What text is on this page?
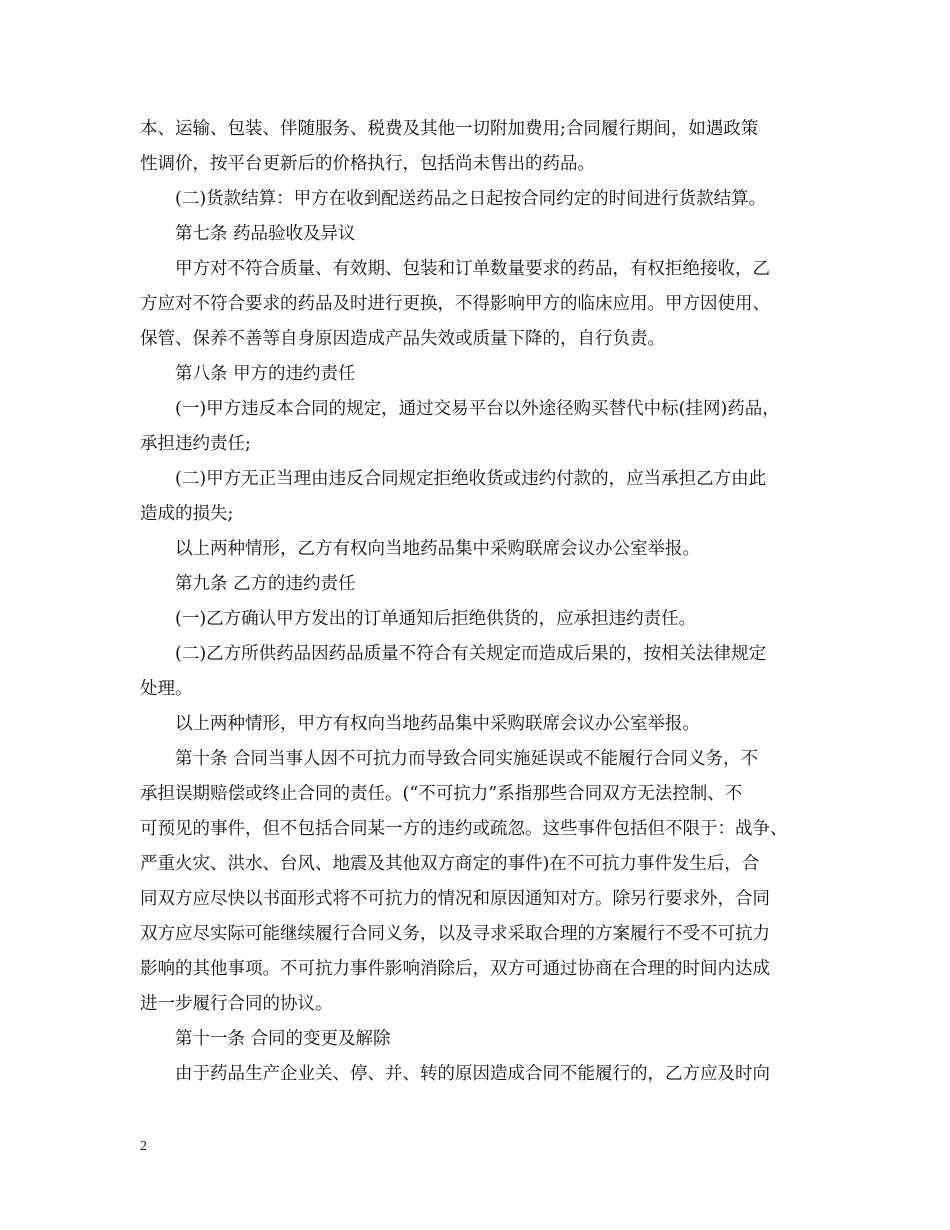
本、运输、包装、伴随服务、税费及其他一切附加费用;合同履行期间，如遇政策
性调价，按平台更新后的价格执行，包括尚未售出的药品。
(二)货款结算：甲方在收到配送药品之日起按合同约定的时间进行货款结算。
第七条 药品验收及异议
甲方对不符合质量、有效期、包装和订单数量要求的药品，有权拒绝接收，乙
方应对不符合要求的药品及时进行更换，不得影响甲方的临床应用。甲方因使用、
保管、保养不善等自身原因造成产品失效或质量下降的，自行负责。
第八条 甲方的违约责任
(一)甲方违反本合同的规定，通过交易平台以外途径购买替代中标(挂网)药品，
承担违约责任;
(二)甲方无正当理由违反合同规定拒绝收货或违约付款的，应当承担乙方由此
造成的损失;
以上两种情形，乙方有权向当地药品集中采购联席会议办公室举报。
第九条 乙方的违约责任
(一)乙方确认甲方发出的订单通知后拒绝供货的，应承担违约责任。
(二)乙方所供药品因药品质量不符合有关规定而造成后果的，按相关法律规定
处理。
以上两种情形，甲方有权向当地药品集中采购联席会议办公室举报。
第十条 合同当事人因不可抗力而导致合同实施延误或不能履行合同义务，不
承担误期赔偿或终止合同的责任。(“不可抗力”系指那些合同双方无法控制、不
可预见的事件，但不包括合同某一方的违约或疏忽。这些事件包括但不限于：战争、
严重火灾、洪水、台风、地震及其他双方商定的事件)在不可抗力事件发生后，合
同双方应尽快以书面形式将不可抗力的情况和原因通知对方。除另行要求外，合同
双方应尽实际可能继续履行合同义务，以及寻求采取合理的方案履行不受不可抗力
影响的其他事项。不可抗力事件影响消除后，双方可通过协商在合理的时间内达成
进一步履行合同的协议。
第十一条 合同的变更及解除
由于药品生产企业关、停、并、转的原因造成合同不能履行的，乙方应及时向
2
